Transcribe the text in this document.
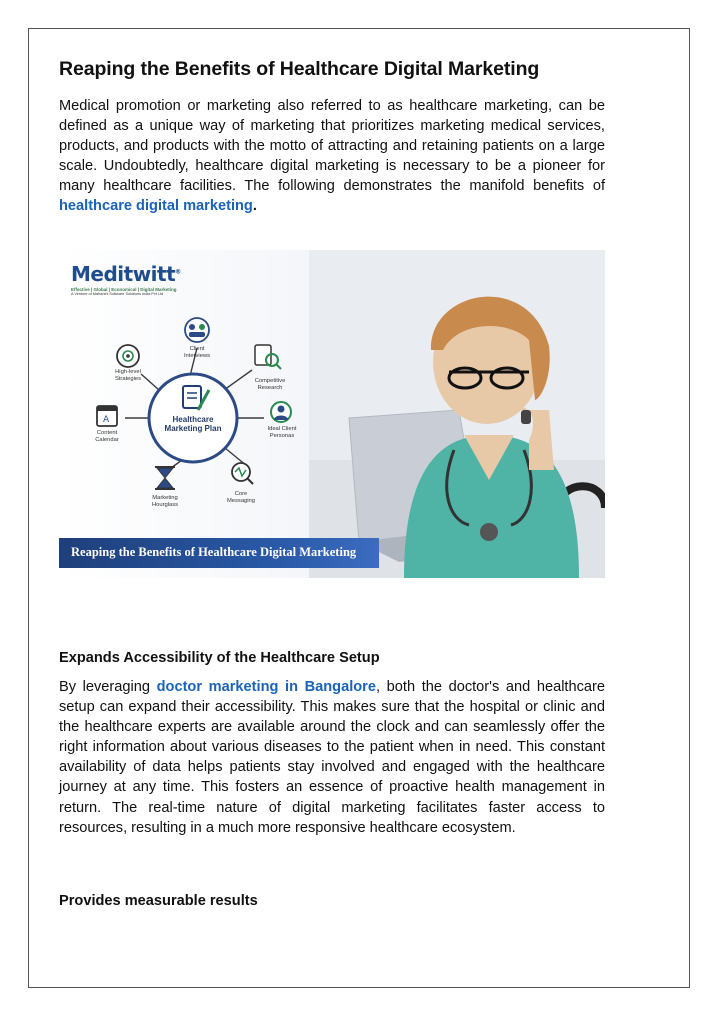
Reaping the Benefits of Healthcare Digital Marketing

Medical promotion or marketing also referred to as healthcare marketing, can be defined as a unique way of marketing that prioritizes marketing medical services, products, and products with the motto of attracting and retaining patients on a large scale. Undoubtedly, healthcare digital marketing is necessary to be a pioneer for many healthcare facilities. The following demonstrates the manifold benefits of healthcare digital marketing.

A
Meditwitt®
Effective | Global | Economical | Digital Marketing
A Venture of Maharshi Software Solutions India Pvt Ltd
Healthcare
Marketing Plan
Client
Interviews
Competitive
Research
Ideal Client
Personas
Core
Messaging
Marketing
Hourglass
Content
Calendar
High-level
Strategies
Reaping the Benefits of Healthcare Digital Marketing
Expands Accessibility of the Healthcare Setup

By leveraging doctor marketing in Bangalore, both the doctor's and healthcare setup can expand their accessibility. This makes sure that the hospital or clinic and the healthcare experts are available around the clock and can seamlessly offer the right information about various diseases to the patient when in need. This constant availability of data helps patients stay involved and engaged with the healthcare journey at any time. This fosters an essence of proactive health management in return. The real-time nature of digital marketing facilitates faster access to resources, resulting in a much more responsive healthcare ecosystem.

Provides measurable results
